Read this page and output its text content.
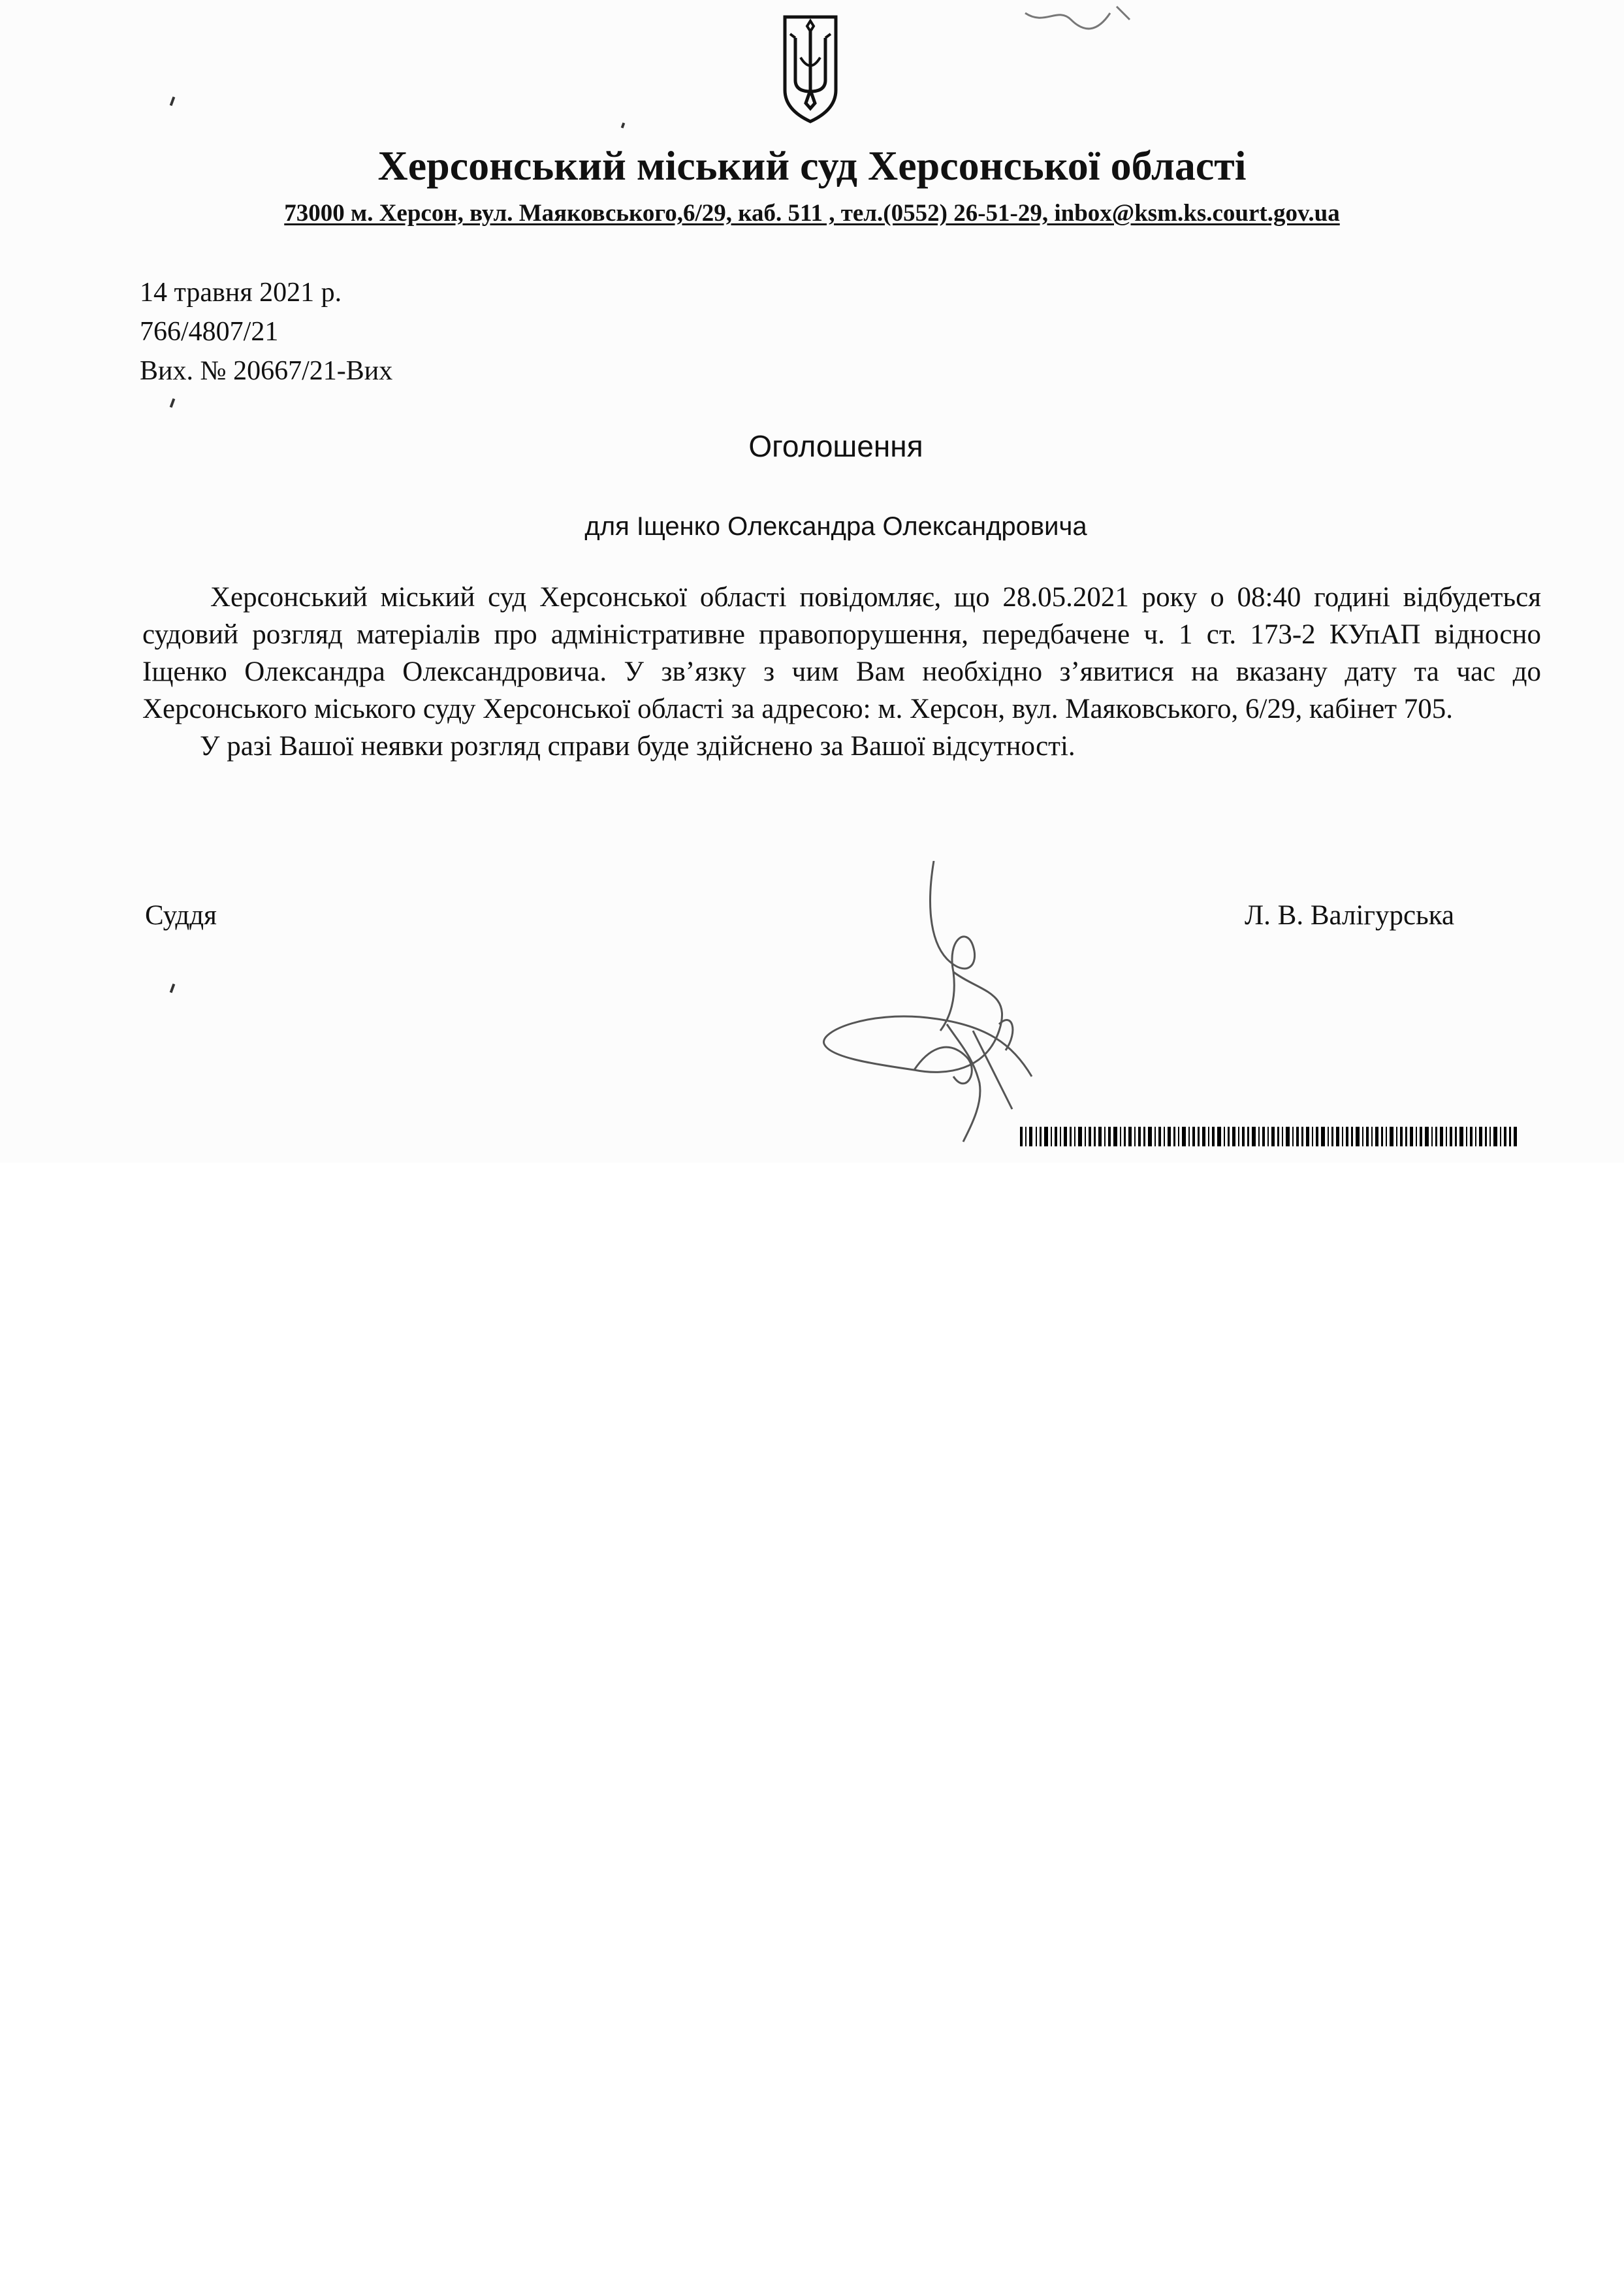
Херсонський міський суд Херсонської області
73000 м. Херсон, вул. Маяковського,6/29, каб. 511 , тел.(0552) 26-51-29, inbox@ksm.ks.court.gov.ua
14 травня 2021 р.
766/4807/21
Вих. № 20667/21-Вих
Оголошення
для Іщенко Олександра Олександровича

Херсонський міський суд Херсонської області повідомляє, що 28.05.2021 року о 08:40 годині відбудеться судовий розгляд матеріалів про адміністративне правопорушення, передбачене ч. 1 ст. 173-2 КУпАП відносно Іщенко Олександра Олександровича. У зв’язку з чим Вам необхідно з’явитися на вказану дату та час до Херсонського міського суду Херсонської області за адресою: м. Херсон, вул. Маяковського, 6/29, кабінет 705.

У разі Вашої неявки розгляд справи буде здійснено за Вашої відсутності.

Суддя	Л. В. Валігурська
